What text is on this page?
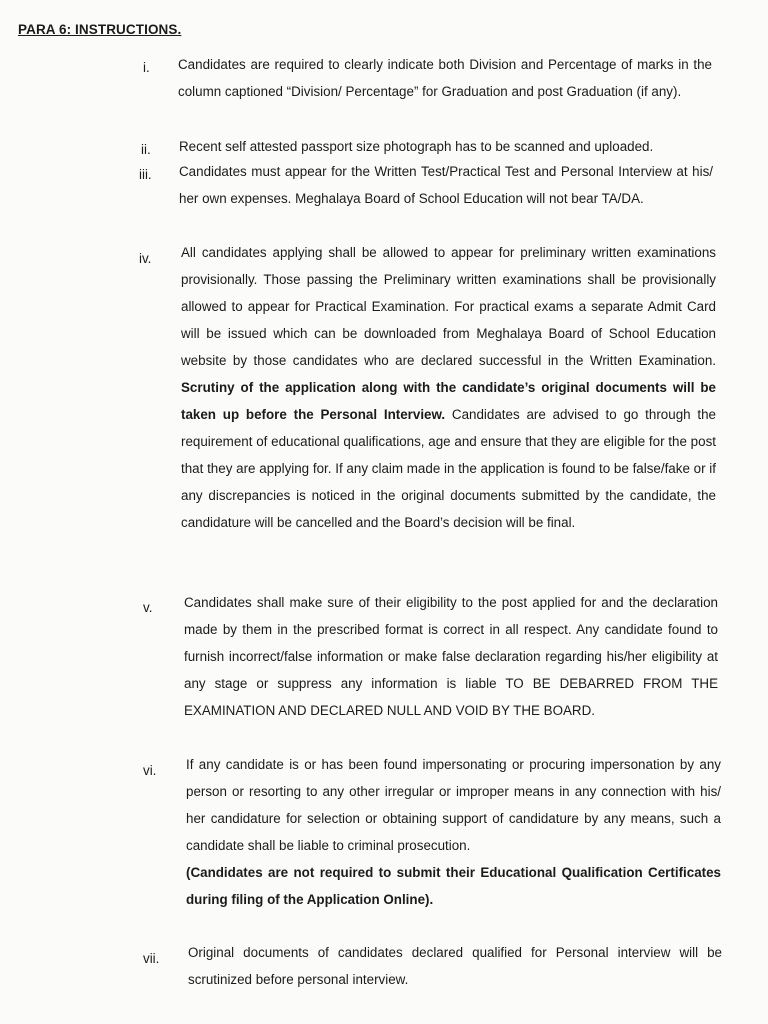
PARA 6: INSTRUCTIONS.
i. Candidates are required to clearly indicate both Division and Percentage of marks in the column captioned “Division/ Percentage” for Graduation and post Graduation (if any).
ii. Recent self attested passport size photograph has to be scanned and uploaded.
iii. Candidates must appear for the Written Test/Practical Test and Personal Interview at his/ her own expenses. Meghalaya Board of School Education will not bear TA/DA.
iv. All candidates applying shall be allowed to appear for preliminary written examinations provisionally. Those passing the Preliminary written examinations shall be provisionally allowed to appear for Practical Examination. For practical exams a separate Admit Card will be issued which can be downloaded from Meghalaya Board of School Education website by those candidates who are declared successful in the Written Examination. Scrutiny of the application along with the candidate’s original documents will be taken up before the Personal Interview. Candidates are advised to go through the requirement of educational qualifications, age and ensure that they are eligible for the post that they are applying for. If any claim made in the application is found to be false/fake or if any discrepancies is noticed in the original documents submitted by the candidate, the candidature will be cancelled and the Board’s decision will be final.
v. Candidates shall make sure of their eligibility to the post applied for and the declaration made by them in the prescribed format is correct in all respect. Any candidate found to furnish incorrect/false information or make false declaration regarding his/her eligibility at any stage or suppress any information is liable TO BE DEBARRED FROM THE EXAMINATION AND DECLARED NULL AND VOID BY THE BOARD.
vi. If any candidate is or has been found impersonating or procuring impersonation by any person or resorting to any other irregular or improper means in any connection with his/ her candidature for selection or obtaining support of candidature by any means, such a candidate shall be liable to criminal prosecution.
(Candidates are not required to submit their Educational Qualification Certificates during filing of the Application Online).
vii. Original documents of candidates declared qualified for Personal interview will be scrutinized before personal interview.
